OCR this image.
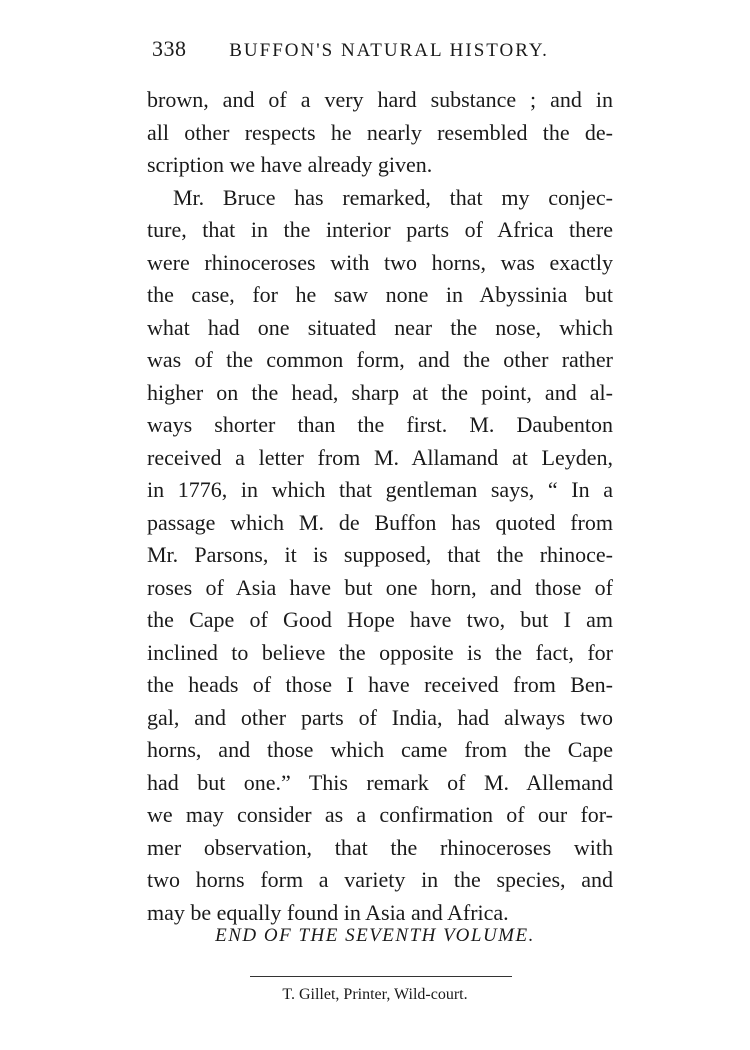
338 BUFFON'S NATURAL HISTORY.
brown, and of a very hard substance ; and in
all other respects he nearly resembled the de-
scription we have already given.
Mr. Bruce has remarked, that my conjec-
ture, that in the interior parts of Africa there
were rhinoceroses with two horns, was exactly
the case, for he saw none in Abyssinia but
what had one situated near the nose, which
was of the common form, and the other rather
higher on the head, sharp at the point, and al-
ways shorter than the first. M. Daubenton
received a letter from M. Allamand at Leyden,
in 1776, in which that gentleman says, “ In a
passage which M. de Buffon has quoted from
Mr. Parsons, it is supposed, that the rhinoce-
roses of Asia have but one horn, and those of
the Cape of Good Hope have two, but I am
inclined to believe the opposite is the fact, for
the heads of those I have received from Ben-
gal, and other parts of India, had always two
horns, and those which came from the Cape
had but one.” This remark of M. Allemand
we may consider as a confirmation of our for-
mer observation, that the rhinoceroses with
two horns form a variety in the species, and
may be equally found in Asia and Africa.
END OF THE SEVENTH VOLUME.
T. Gillet, Printer, Wild-court.
